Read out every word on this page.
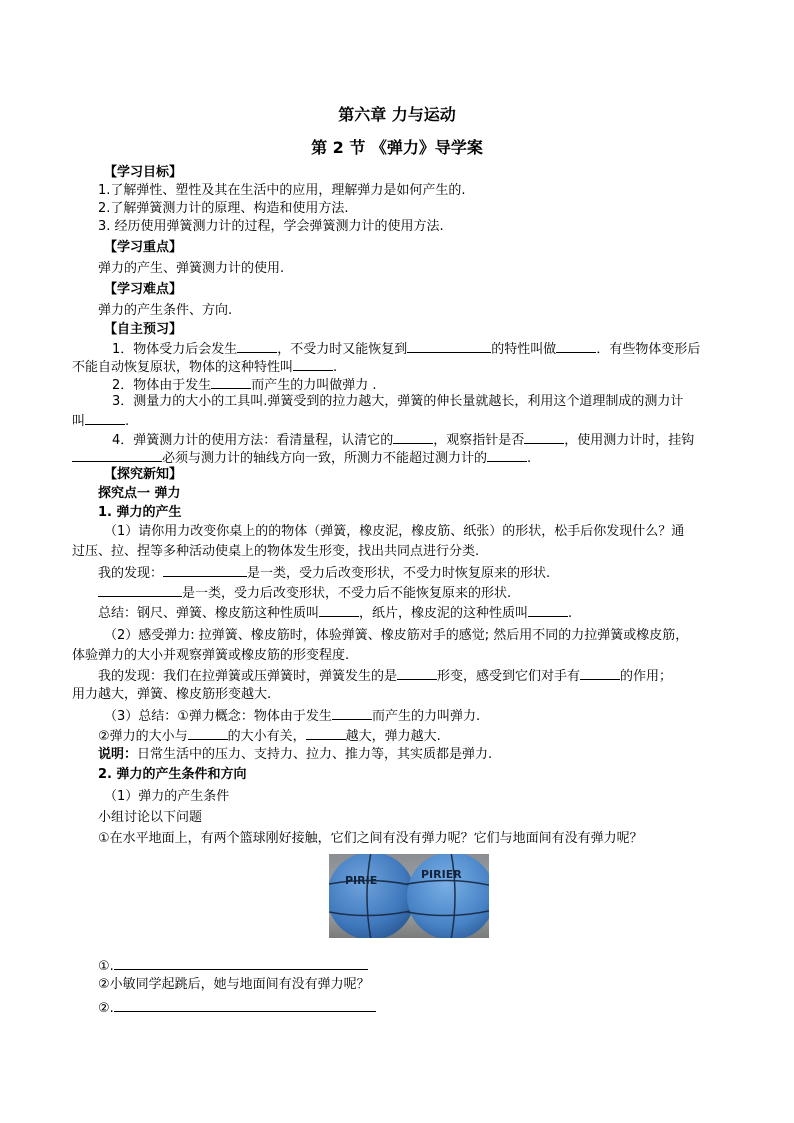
第六章 力与运动
第 2 节 《弹力》导学案
【学习目标】
1.了解弹性、塑性及其在生活中的应用，理解弹力是如何产生的.
2.了解弹簧测力计的原理、构造和使用方法.
3. 经历使用弹簧测力计的过程，学会弹簧测力计的使用方法.
【学习重点】
弹力的产生、弹簧测力计的使用.
【学习难点】
弹力的产生条件、方向.
【自主预习】
1．物体受力后会发生	，不受力时又能恢复到	的特性叫做	．有些物体变形后
不能自动恢复原状，物体的这种特性叫	.
2．物体由于发生	而产生的力叫做弹力 .
3．测量力的大小的工具叫.弹簧受到的拉力越大，弹簧的伸长量就越长，利用这个道理制成的测力计
叫	.
4．弹簧测力计的使用方法：看清量程，认清它的	，观察指针是否	，使用测力计时，挂钩
必须与测力计的轴线方向一致，所测力不能超过测力计的	.
【探究新知】
探究点一 弹力
1. 弹力的产生
（1）请你用力改变你桌上的的物体（弹簧，橡皮泥，橡皮筋、纸张）的形状，松手后你发现什么？通
过压、拉、捏等多种活动使桌上的物体发生形变，找出共同点进行分类.
我的发现：	是一类，受力后改变形状，不受力时恢复原来的形状.
是一类，受力后改变形状，不受力后不能恢复原来的形状.
总结：钢尺、弹簧、橡皮筋这种性质叫	，纸片，橡皮泥的这种性质叫	.
（2）感受弹力: 拉弹簧、橡皮筋时，体验弹簧、橡皮筋对手的感觉; 然后用不同的力拉弹簧或橡皮筋，
体验弹力的大小并观察弹簧或橡皮筋的形变程度.
我的发现：我们在拉弹簧或压弹簧时，弹簧发生的是	形变，感受到它们对手有	的作用；
用力越大，弹簧、橡皮筋形变越大.
（3）总结：①弹力概念：物体由于发生	而产生的力叫弹力.
②弹力的大小与	的大小有关，	越大，弹力越大.
说明：日常生活中的压力、支持力、拉力、推力等，其实质都是弹力.
2. 弹力的产生条件和方向
（1）弹力的产生条件
小组讨论以下问题
①在水平地面上，有两个篮球刚好接触，它们之间有没有弹力呢？它们与地面间有没有弹力呢？
PIRIE	PIRIER
①.
②小敏同学起跳后，她与地面间有没有弹力呢？
②.
